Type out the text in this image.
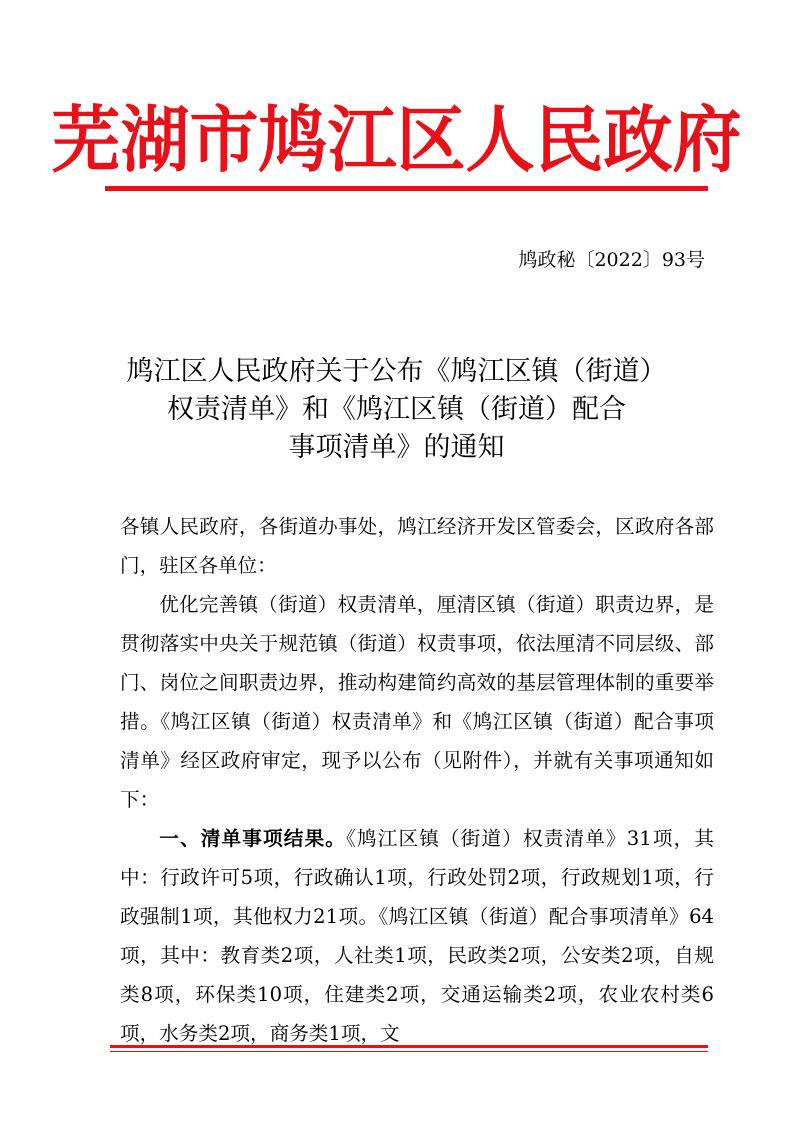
芜湖市鸠江区人民政府
鸠政秘〔2022〕93号
鸠江区人民政府关于公布《鸠江区镇（街道）
权责清单》和《鸠江区镇（街道）配合
事项清单》的通知

各镇人民政府，各街道办事处，鸠江经济开发区管委会，区政府各部门，驻区各单位：

优化完善镇（街道）权责清单，厘清区镇（街道）职责边界，是贯彻落实中央关于规范镇（街道）权责事项，依法厘清不同层级、部门、岗位之间职责边界，推动构建简约高效的基层管理体制的重要举措。《鸠江区镇（街道）权责清单》和《鸠江区镇（街道）配合事项清单》经区政府审定，现予以公布（见附件），并就有关事项通知如下：

一、清单事项结果。《鸠江区镇（街道）权责清单》31项，其中：行政许可5项，行政确认1项，行政处罚2项，行政规划1项，行政强制1项，其他权力21项。《鸠江区镇（街道）配合事项清单》64项，其中：教育类2项，人社类1项，民政类2项，公安类2项，自规类8项，环保类10项，住建类2项，交通运输类2项，农业农村类6项，水务类2项，商务类1项，文
